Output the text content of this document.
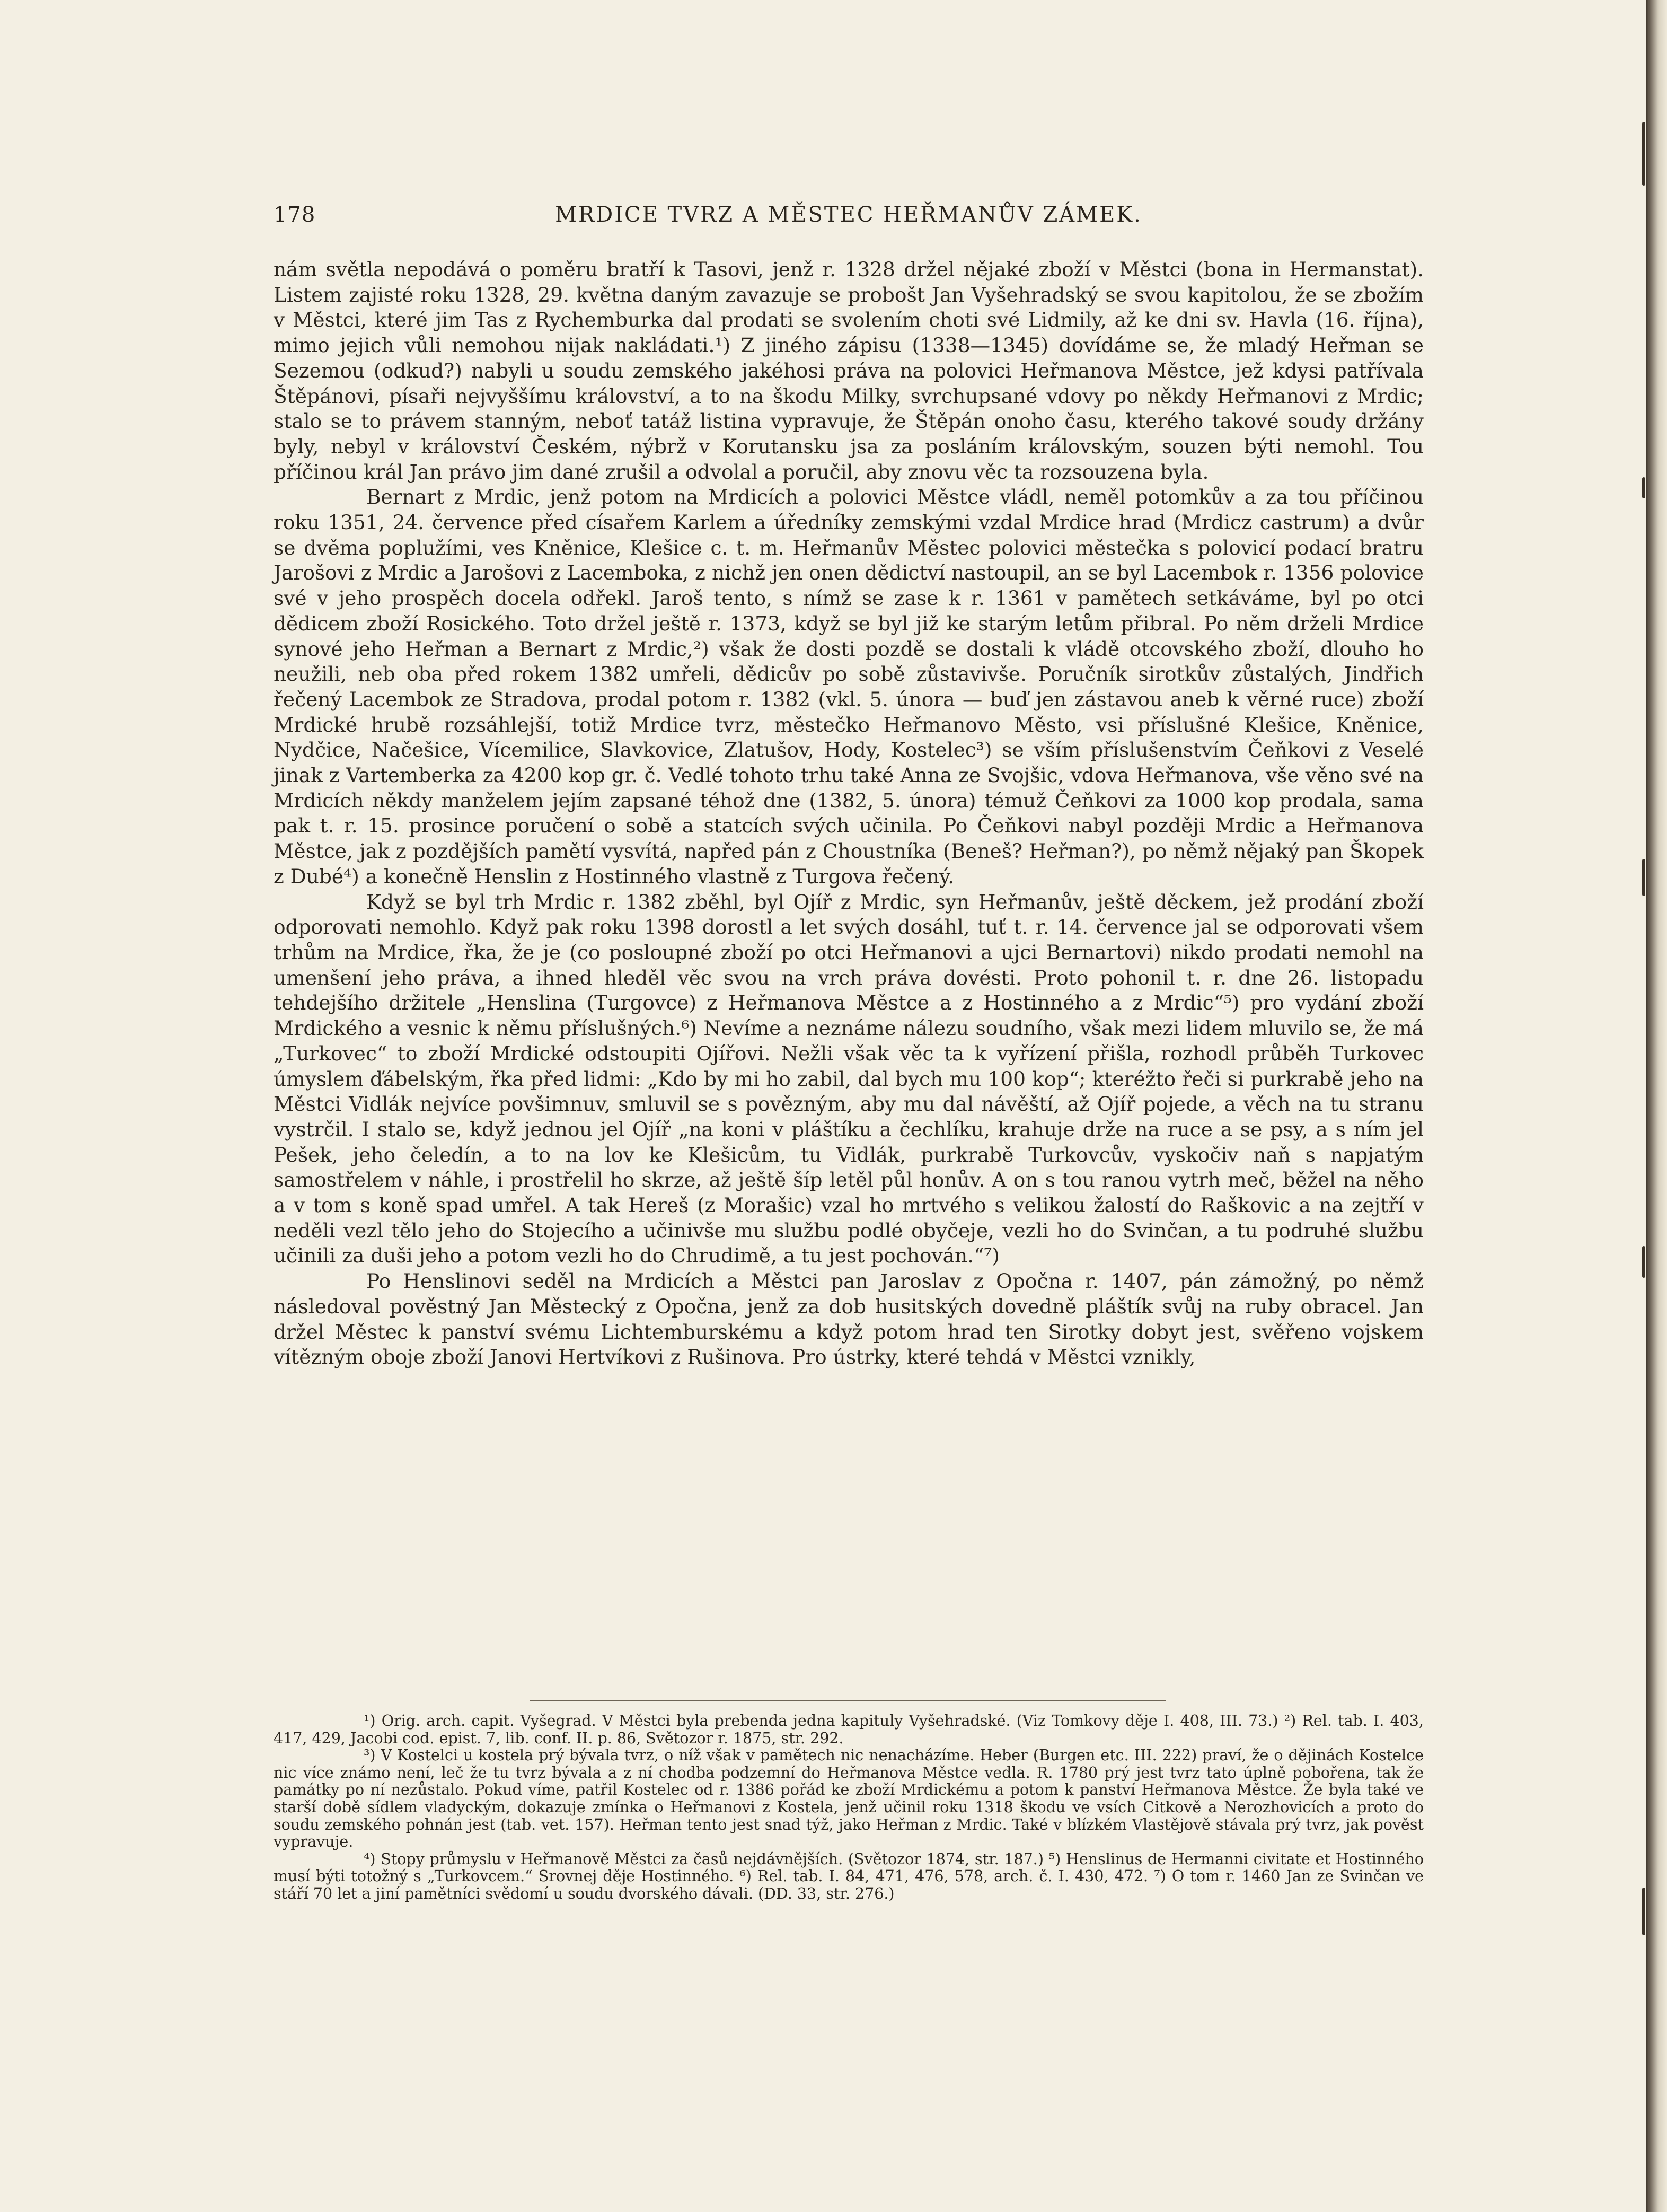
178	MRDICE TVRZ A MĚSTEC HEŘMANŮV ZÁMEK.

nám světla nepodává o poměru bratří k Tasovi, jenž r. 1328 držel nějaké zboží v Městci (bona in Hermanstat). Listem zajisté roku 1328, 29. května daným zavazuje se probošt Jan Vyšehradský se svou kapitolou, že se zbožím v Městci, které jim Tas z Rychemburka dal prodati se svolením choti své Lidmily, až ke dni sv. Havla (16. října), mimo jejich vůli nemohou nijak nakládati.¹) Z jiného zápisu (1338—1345) dovídáme se, že mladý Heřman se Sezemou (odkud?) nabyli u soudu zemského jakéhosi práva na polovici Heřmanova Městce, jež kdysi patřívala Štěpánovi, písaři nejvyššímu království, a to na škodu Milky, svrchupsané vdovy po někdy Heřmanovi z Mrdic; stalo se to právem stanným, neboť tatáž listina vypravuje, že Štěpán onoho času, kterého takové soudy držány byly, nebyl v království Českém, nýbrž v Korutansku jsa za posláním královským, souzen býti nemohl. Tou příčinou král Jan právo jim dané zrušil a odvolal a poručil, aby znovu věc ta rozsouzena byla.

Bernart z Mrdic, jenž potom na Mrdicích a polovici Městce vládl, neměl potomkův a za tou příčinou roku 1351, 24. července před císařem Karlem a úředníky zemskými vzdal Mrdice hrad (Mrdicz castrum) a dvůr se dvěma poplužími, ves Kněnice, Klešice c. t. m. Heřmanův Městec polovici městečka s polovicí podací bratru Jarošovi z Mrdic a Jarošovi z Lacemboka, z nichž jen onen dědictví nastoupil, an se byl Lacembok r. 1356 polovice své v jeho prospěch docela odřekl. Jaroš tento, s nímž se zase k r. 1361 v pamětech setkáváme, byl po otci dědicem zboží Rosického. Toto držel ještě r. 1373, když se byl již ke starým letům přibral. Po něm drželi Mrdice synové jeho Heřman a Bernart z Mrdic,²) však že dosti pozdě se dostali k vládě otcovského zboží, dlouho ho neužili, neb oba před rokem 1382 umřeli, dědicův po sobě zůstavivše. Poručník sirotkův zůstalých, Jindřich řečený Lacembok ze Stradova, prodal potom r. 1382 (vkl. 5. února — buď jen zástavou aneb k věrné ruce) zboží Mrdické hrubě rozsáhlejší, totiž Mrdice tvrz, městečko Heřmanovo Město, vsi příslušné Klešice, Kněnice, Nydčice, Načešice, Vícemilice, Slavkovice, Zlatušov, Hody, Kostelec³) se vším příslušenstvím Čeňkovi z Veselé jinak z Vartemberka za 4200 kop gr. č. Vedlé tohoto trhu také Anna ze Svojšic, vdova Heřmanova, vše věno své na Mrdicích někdy manželem jejím zapsané téhož dne (1382, 5. února) témuž Čeňkovi za 1000 kop prodala, sama pak t. r. 15. prosince poručení o sobě a statcích svých učinila. Po Čeňkovi nabyl později Mrdic a Heřmanova Městce, jak z pozdějších pamětí vysvítá, napřed pán z Choustníka (Beneš? Heřman?), po němž nějaký pan Škopek z Dubé⁴) a konečně Henslin z Hostinného vlastně z Turgova řečený.

Když se byl trh Mrdic r. 1382 zběhl, byl Ojíř z Mrdic, syn Heřmanův, ještě děckem, jež prodání zboží odporovati nemohlo. Když pak roku 1398 dorostl a let svých dosáhl, tuť t. r. 14. července jal se odporovati všem trhům na Mrdice, řka, že je (co posloupné zboží po otci Heřmanovi a ujci Bernartovi) nikdo prodati nemohl na umenšení jeho práva, a ihned hleděl věc svou na vrch práva dovésti. Proto pohonil t. r. dne 26. listopadu tehdejšího držitele „Henslina (Turgovce) z Heřmanova Městce a z Hostinného a z Mrdic“⁵) pro vydání zboží Mrdického a vesnic k němu příslušných.⁶) Nevíme a neznáme nálezu soudního, však mezi lidem mluvilo se, že má „Turkovec“ to zboží Mrdické odstoupiti Ojířovi. Nežli však věc ta k vyřízení přišla, rozhodl průběh Turkovec úmyslem ďábelským, řka před lidmi: „Kdo by mi ho zabil, dal bych mu 100 kop“; kteréžto řeči si purkrabě jeho na Městci Vidlák nejvíce povšimnuv, smluvil se s povězným, aby mu dal návěští, až Ojíř pojede, a věch na tu stranu vystrčil. I stalo se, když jednou jel Ojíř „na koni v pláštíku a čechlíku, krahuje drže na ruce a se psy, a s ním jel Pešek, jeho čeledín, a to na lov ke Klešicům, tu Vidlák, purkrabě Turkovcův, vyskočiv naň s napjatým samostřelem v náhle, i prostřelil ho skrze, až ještě šíp letěl půl honův. A on s tou ranou vytrh meč, běžel na něho a v tom s koně spad umřel. A tak Hereš (z Morašic) vzal ho mrtvého s velikou žalostí do Raškovic a na zejtří v neděli vezl tělo jeho do Stojecího a učinivše mu službu podlé obyčeje, vezli ho do Svinčan, a tu podruhé službu učinili za duši jeho a potom vezli ho do Chrudimě, a tu jest pochován.“⁷)

Po Henslinovi seděl na Mrdicích a Městci pan Jaroslav z Opočna r. 1407, pán zámožný, po němž následoval pověstný Jan Městecký z Opočna, jenž za dob husitských dovedně pláštík svůj na ruby obracel. Jan držel Městec k panství svému Lichtemburskému a když potom hrad ten Sirotky dobyt jest, svěřeno vojskem vítězným oboje zboží Janovi Hertvíkovi z Rušinova. Pro ústrky, které tehdá v Městci vznikly,

¹) Orig. arch. capit. Vyšegrad. V Městci byla prebenda jedna kapituly Vyšehradské. (Viz Tomkovy děje I. 408, III. 73.) ²) Rel. tab. I. 403, 417, 429, Jacobi cod. epist. 7, lib. conf. II. p. 86, Světozor r. 1875, str. 292.

³) V Kostelci u kostela prý bývala tvrz, o níž však v pamětech nic nenacházíme. Heber (Burgen etc. III. 222) praví, že o dějinách Kostelce nic více známo není, leč že tu tvrz bývala a z ní chodba podzemní do Heřmanova Městce vedla. R. 1780 prý jest tvrz tato úplně pobořena, tak že památky po ní nezůstalo. Pokud víme, patřil Kostelec od r. 1386 pořád ke zboží Mrdickému a potom k panství Heřmanova Městce. Že byla také ve starší době sídlem vladyckým, dokazuje zmínka o Heřmanovi z Kostela, jenž učinil roku 1318 škodu ve vsích Citkově a Nerozhovicích a proto do soudu zemského pohnán jest (tab. vet. 157). Heřman tento jest snad týž, jako Heřman z Mrdic. Také v blízkém Vlastějově stávala prý tvrz, jak pověst vypravuje.

⁴) Stopy průmyslu v Heřmanově Městci za časů nejdávnějších. (Světozor 1874, str. 187.) ⁵) Henslinus de Hermanni civitate et Hostinného musí býti totožný s „Turkovcem.“ Srovnej děje Hostinného. ⁶) Rel. tab. I. 84, 471, 476, 578, arch. č. I. 430, 472. ⁷) O tom r. 1460 Jan ze Svinčan ve stáří 70 let a jiní pamětníci svědomí u soudu dvorského dávali. (DD. 33, str. 276.)
